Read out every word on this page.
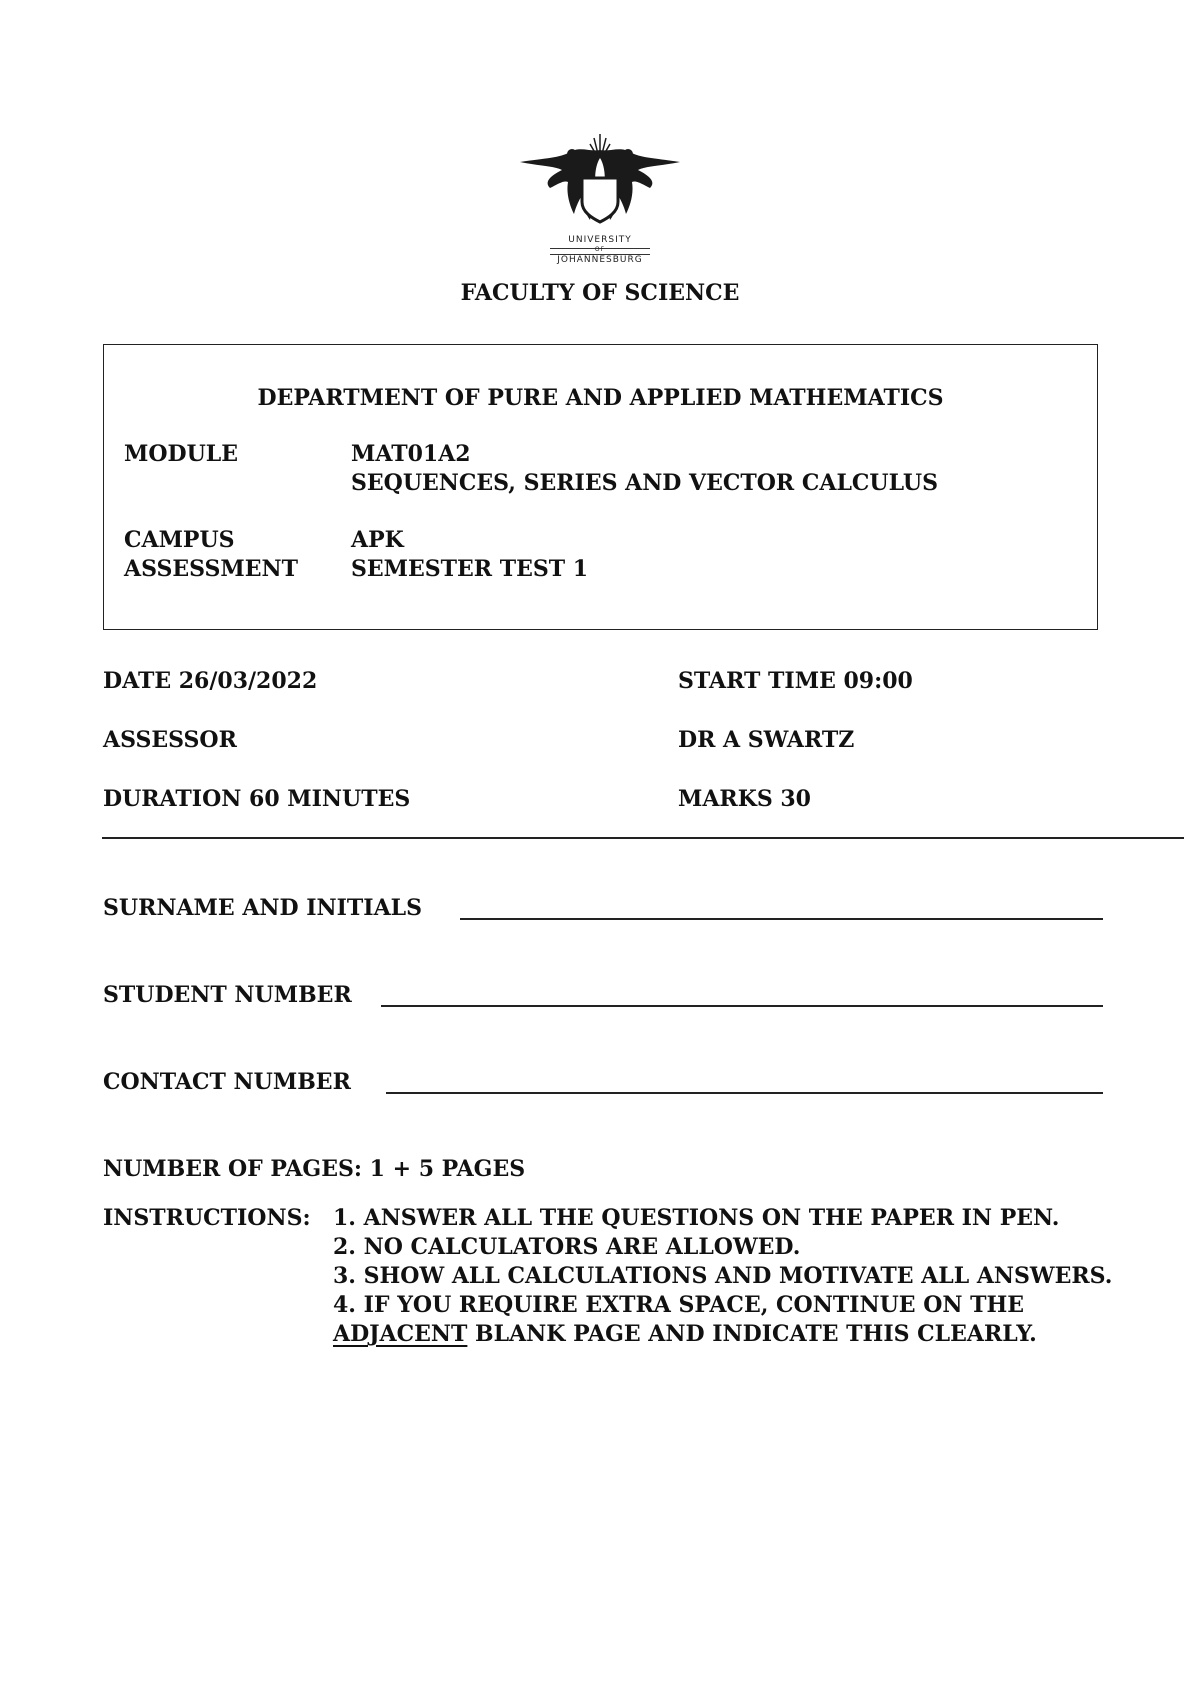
UNIVERSITY
OF
JOHANNESBURG
FACULTY OF SCIENCE
DEPARTMENT OF PURE AND APPLIED MATHEMATICS
MODULE	MAT01A2
SEQUENCES, SERIES AND VECTOR CALCULUS
CAMPUS	APK
ASSESSMENT SEMESTER TEST 1
DATE 26/03/2022	START TIME 09:00
ASSESSOR	DR A SWARTZ
DURATION 60 MINUTES	MARKS 30
SURNAME AND INITIALS
STUDENT NUMBER
CONTACT NUMBER
NUMBER OF PAGES: 1 + 5 PAGES
INSTRUCTIONS: 1. ANSWER ALL THE QUESTIONS ON THE PAPER IN PEN.
2. NO CALCULATORS ARE ALLOWED.
3. SHOW ALL CALCULATIONS AND MOTIVATE ALL ANSWERS.
4. IF YOU REQUIRE EXTRA SPACE, CONTINUE ON THE
ADJACENT BLANK PAGE AND INDICATE THIS CLEARLY.
